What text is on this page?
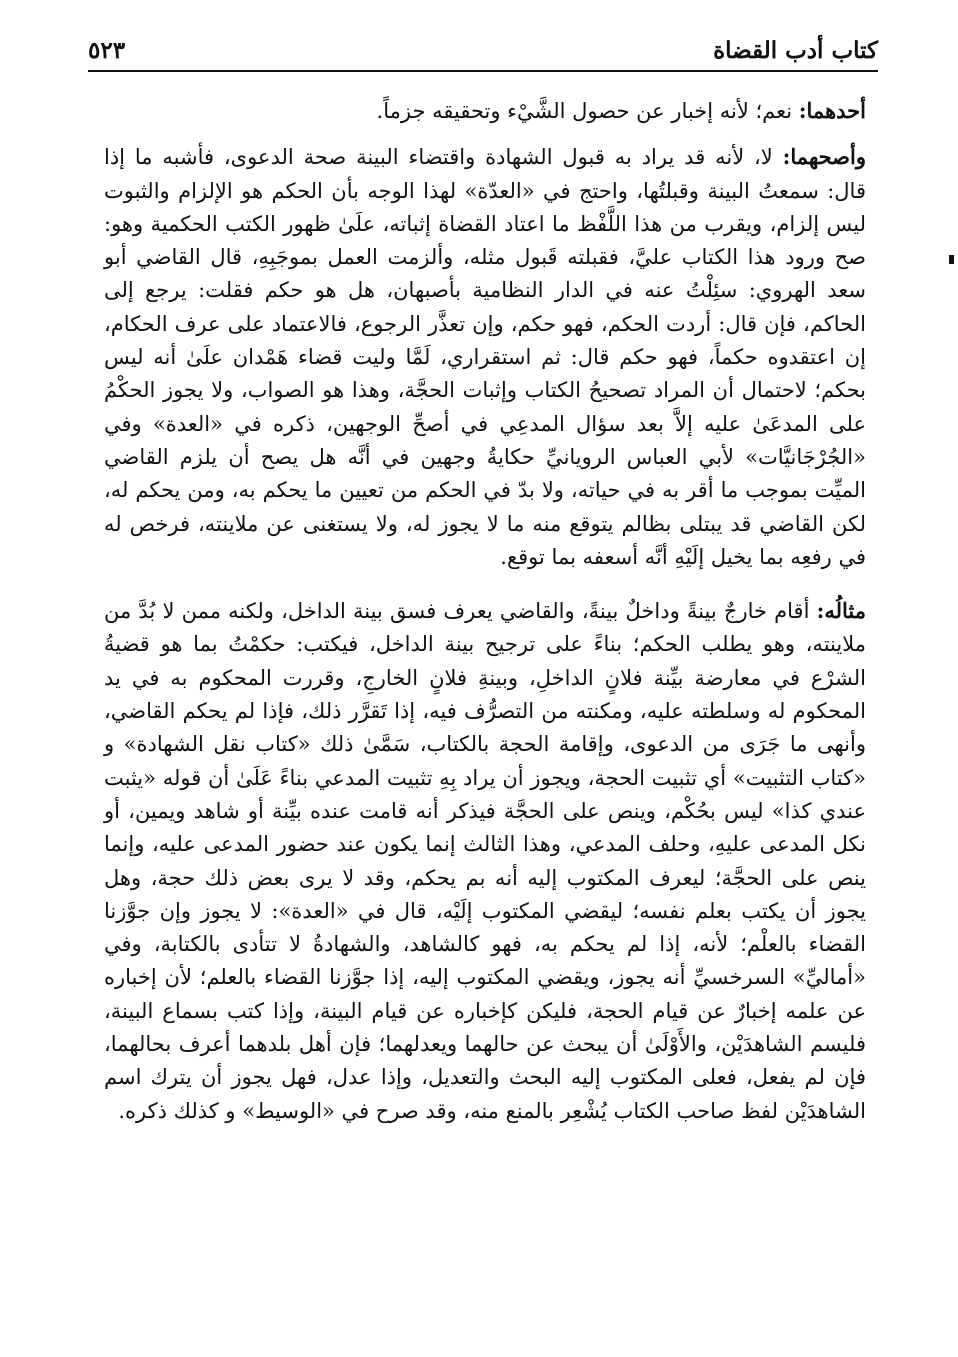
كتاب أدب القضاة
٥٢٣

أحدهما: نعم؛ لأنه إخبار عن حصول الشَّيْء وتحقيقه جزماً.

وأصحهما: لا، لأنه قد يراد به قبول الشهادة واقتضاء البينة صحة الدعوى، فأشبه ما إذا قال: سمعتُ البينة وقبلتُها، واحتج في «العدّة» لهذا الوجه بأن الحكم هو الإلزام والثبوت ليس إلزام، ويقرب من هذا اللَّفْظ ما اعتاد القضاة إثباته، علَىٰ ظهور الكتب الحكمية وهو: صح ورود هذا الكتاب عليَّ، فقبلته قَبول مثله، وألزمت العمل بموجَبِهِ، قال القاضي أبو سعد الهروي: سئِلْتُ عنه في الدار النظامية بأصبهان، هل هو حكم فقلت: يرجع إلى الحاكم، فإن قال: أردت الحكم، فهو حكم، وإن تعذَّر الرجوع، فالاعتماد على عرف الحكام، إن اعتقدوه حكماً، فهو حكم قال: ثم استقراري، لَمَّا وليت قضاء هَمْدان علَىٰ أنه ليس بحكم؛ لاحتمال أن المراد تصحيحُ الكتاب وإثبات الحجَّة، وهذا هو الصواب، ولا يجوز الحكْمُ على المدعَىٰ عليه إلاَّ بعد سؤال المدعِي في أصحِّ الوجهين، ذكره في «العدة» وفي «الجُرْجَانيَّات» لأبي العباس الرويانيِّ حكايةُ وجهين في أنَّه هل يصح أن يلزم القاضي الميِّت بموجب ما أقر به في حياته، ولا بدّ في الحكم من تعيين ما يحكم به، ومن يحكم له، لكن القاضي قد يبتلى بظالم يتوقع منه ما لا يجوز له، ولا يستغنى عن ملاينته، فرخص له في رفعِه بما يخيل إلَيْهِ أنَّه أسعفه بما توقع.

مثالُه: أقام خارجٌ بينةً وداخلٌ بينةً، والقاضي يعرف فسق بينة الداخل، ولكنه ممن لا بُدَّ من ملاينته، وهو يطلب الحكم؛ بناءً على ترجيح بينة الداخل، فيكتب: حكمْتُ بما هو قضيةُ الشرْع في معارضة بيِّنة فلانٍ الداخلِ، وبينةِ فلانٍ الخارجِ، وقررت المحكوم به في يد المحكوم له وسلطته عليه، ومكنته من التصرُّف فيه، إذا تَقرَّر ذلك، فإذا لم يحكم القاضي، وأنهى ما جَرَى من الدعوى، وإقامة الحجة بالكتاب، سَمَّىٰ ذلك «كتاب نقل الشهادة» و «كتاب التثبيت» أي تثبيت الحجة، ويجوز أن يراد بِهِ تثبيت المدعي بناءً عَلَىٰ أن قوله «يثبت عندي كذا» ليس بحُكْم، وينص على الحجَّة فيذكر أنه قامت عنده بيِّنة أو شاهد ويمين، أو نكل المدعى عليهِ، وحلف المدعي، وهذا الثالث إنما يكون عند حضور المدعى عليه، وإنما ينص على الحجَّة؛ ليعرف المكتوب إليه أنه بم يحكم، وقد لا يرى بعض ذلك حجة، وهل يجوز أن يكتب بعلم نفسه؛ ليقضي المكتوب إلَيْه، قال في «العدة»: لا يجوز وإن جوَّزنا القضاء بالعلْم؛ لأنه، إذا لم يحكم به، فهو كالشاهد، والشهادةُ لا تتأدى بالكتابة، وفي «أماليِّ» السرخسيِّ أنه يجوز، ويقضي المكتوب إليه، إذا جوَّزنا القضاء بالعلم؛ لأن إخباره عن علمه إخبارٌ عن قيام الحجة، فليكن كإخباره عن قيام البينة، وإذا كتب بسماع البينة، فليسم الشاهدَيْن، والأَوْلَىٰ أن يبحث عن حالهما ويعدلهما؛ فإن أهل بلدهما أعرف بحالهما، فإن لم يفعل، فعلى المكتوب إليه البحث والتعديل، وإذا عدل، فهل يجوز أن يترك اسم الشاهدَيْن لفظ صاحب الكتاب يُشْعِر بالمنع منه، وقد صرح في «الوسيط» و كذلك ذكره.
